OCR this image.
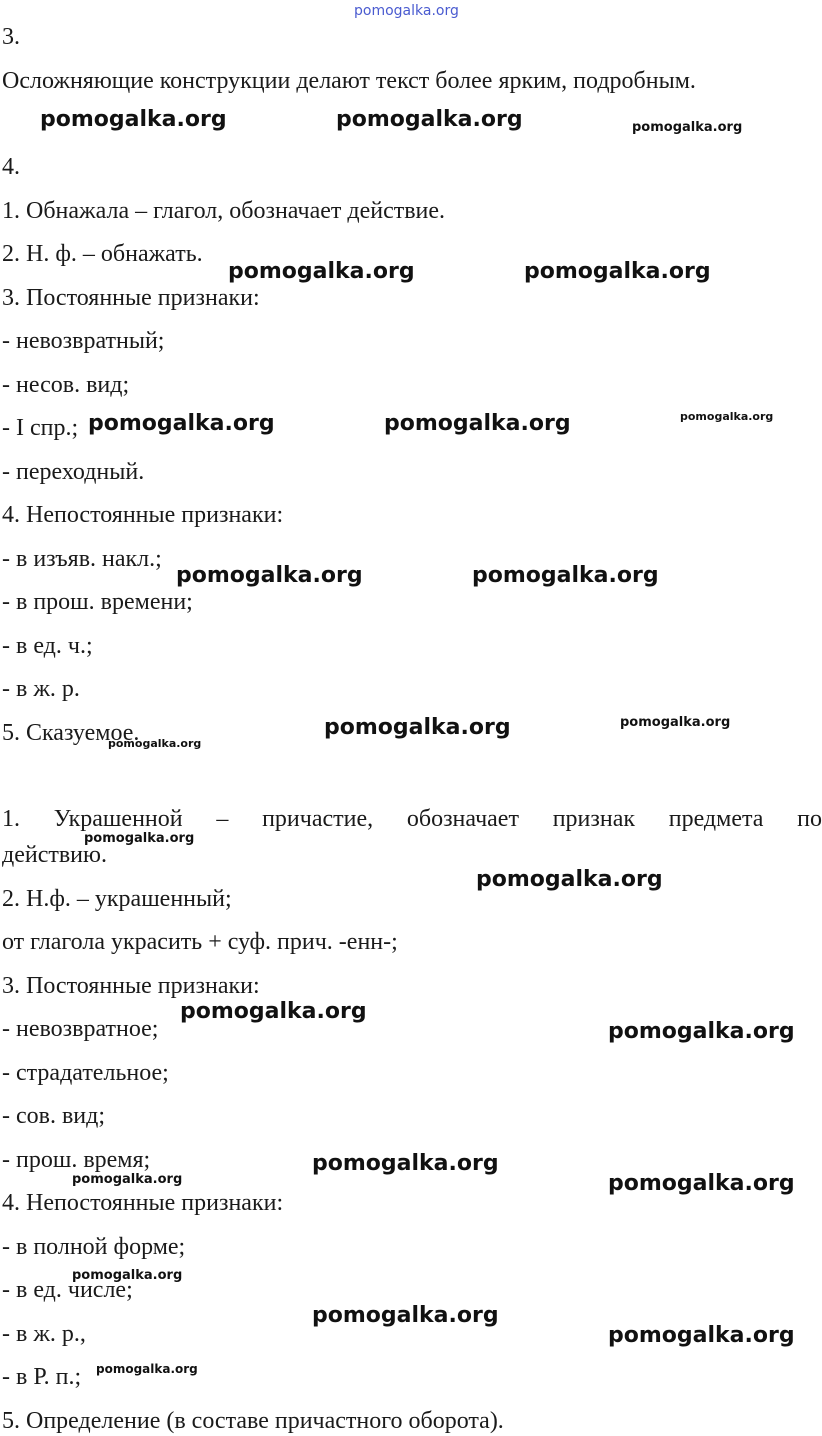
3.

Осложняющие конструкции делают текст более ярким, подробным.

4.

1. Обнажала – глагол, обозначает действие.

2. Н. ф. – обнажать.

3. Постоянные признаки:

- невозвратный;

- несов. вид;

- I спр.;

- переходный.

4. Непостоянные признаки:

- в изъяв. накл.;

- в прош. времени;

- в ед. ч.;

- в ж. р.

5. Сказуемое.

1. Украшенной – причастие, обозначает признак предмета по

действию.

2. Н.ф. – украшенный;

от глагола украсить + суф. прич. -енн-;

3. Постоянные признаки:

- невозвратное;

- страдательное;

- сов. вид;

- прош. время;

4. Непостоянные признаки:

- в полной форме;

- в ед. числе;

- в ж. р.,

- в Р. п.;

5. Определение (в составе причастного оборота).

pomogalka.org
pomogalka.org	pomogalka.org	pomogalka.org
pomogalka.org	pomogalka.org
pomogalka.org	pomogalka.org	pomogalka.org
pomogalka.org	pomogalka.org
pomogalka.org	pomogalka.org
pomogalka.org
pomogalka.org
pomogalka.org
pomogalka.org
pomogalka.org
pomogalka.org
pomogalka.org	pomogalka.org
pomogalka.org
pomogalka.org
pomogalka.org
pomogalka.org
